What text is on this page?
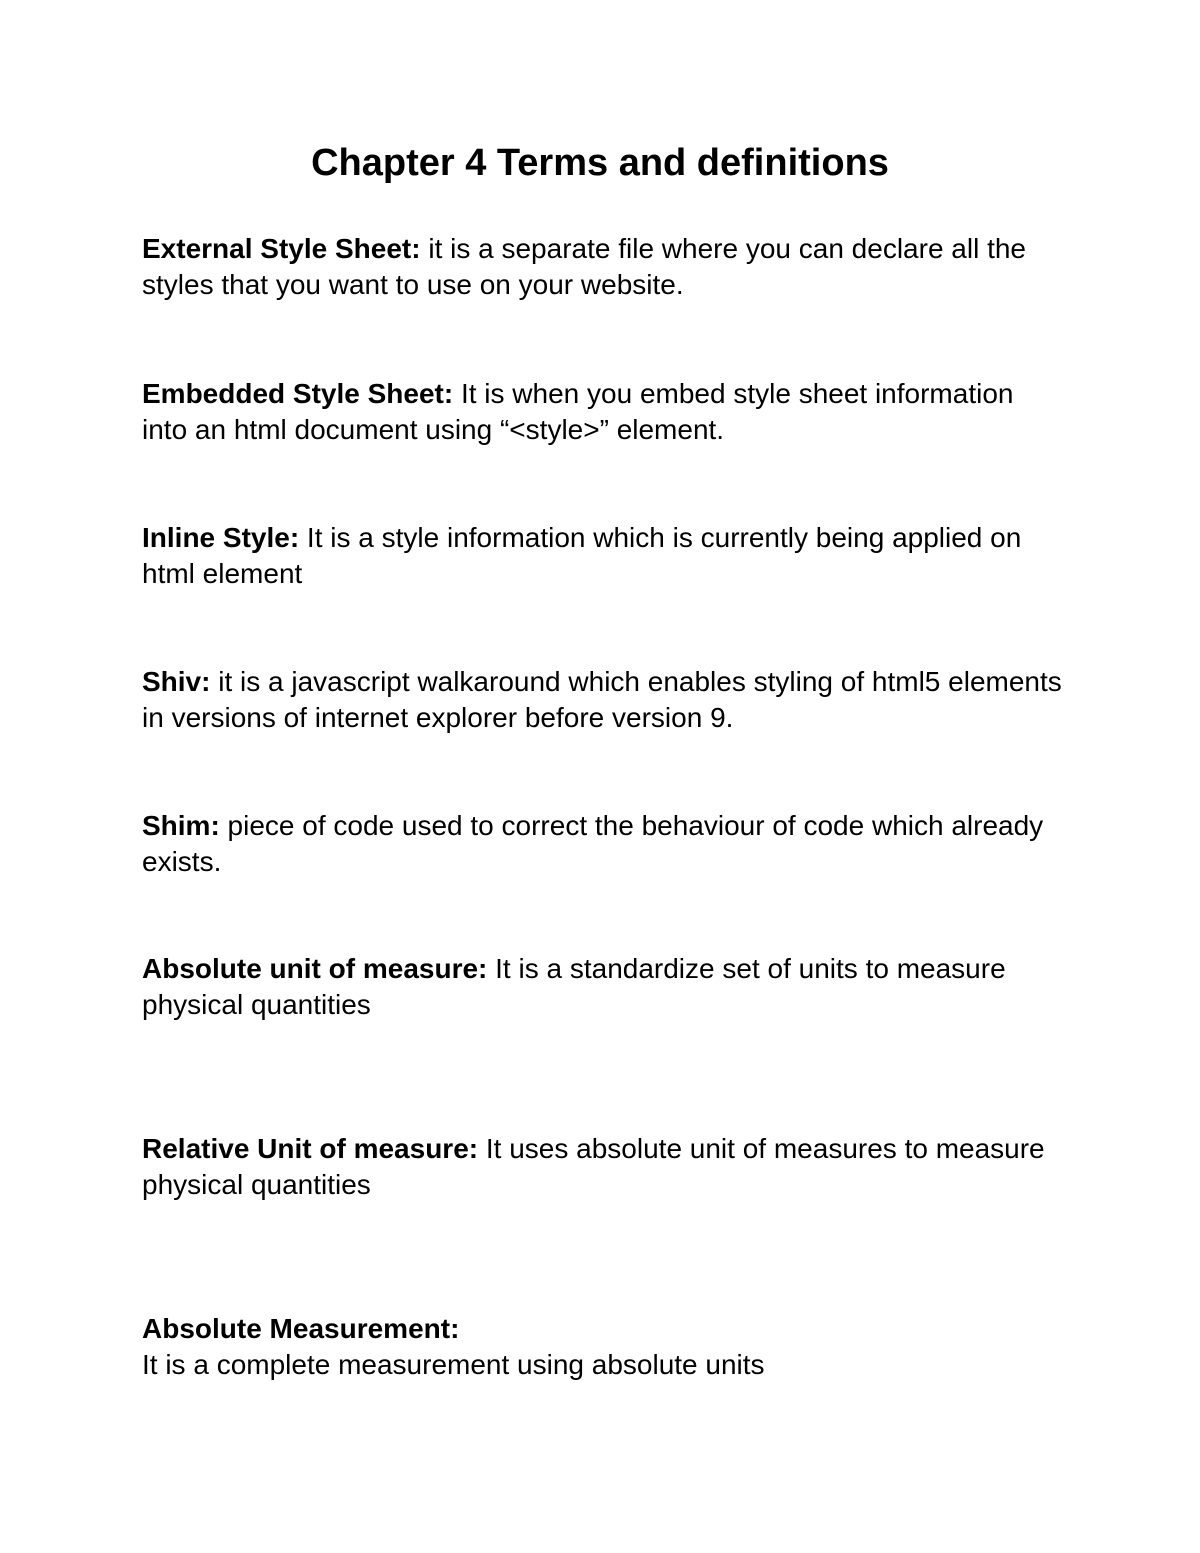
Chapter 4 Terms and definitions
External Style Sheet: it is a separate file where you can declare all the styles that you want to use on your website.
Embedded Style Sheet: It is when you embed style sheet information into an html document using “<style>” element.
Inline Style: It is a style information which is currently being applied on html element
Shiv: it is a javascript walkaround which enables styling of html5 elements in versions of internet explorer before version 9.
Shim: piece of code used to correct the behaviour of code which already exists.
Absolute unit of measure: It is a standardize set of units to measure physical quantities
Relative Unit of measure: It uses absolute unit of measures to measure physical quantities
Absolute Measurement:
It is a complete measurement using absolute units
